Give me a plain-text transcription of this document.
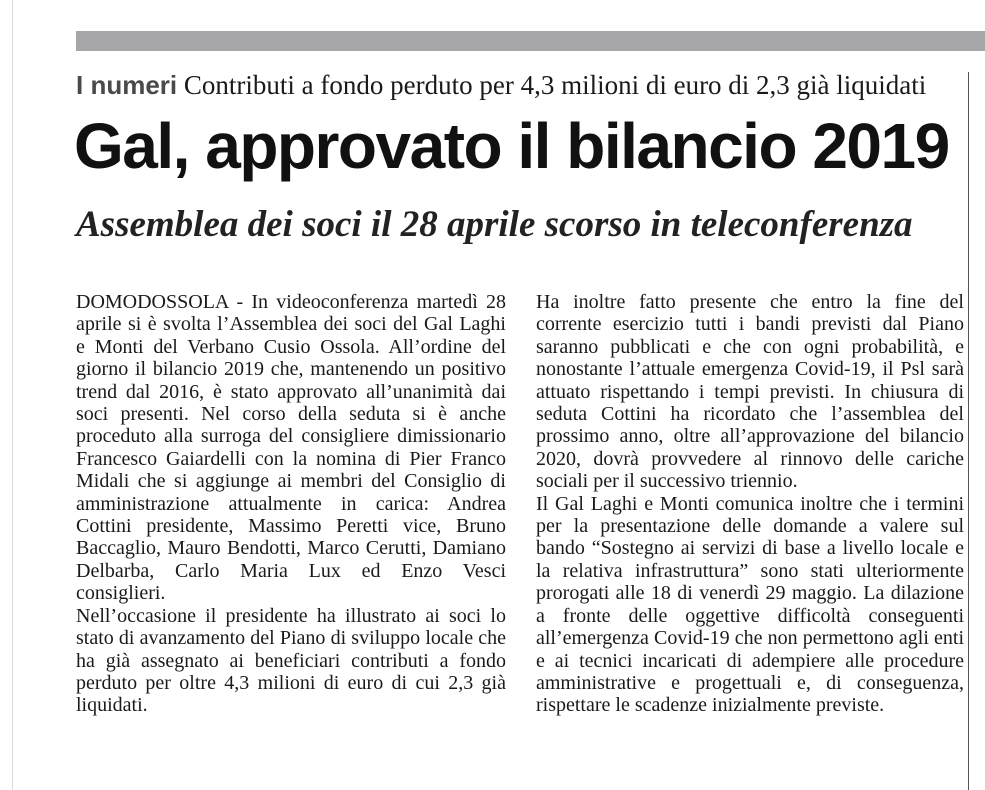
I numeri Contributi a fondo perduto per 4,3 milioni di euro di 2,3 già liquidati
Gal, approvato il bilancio 2019
Assemblea dei soci il 28 aprile scorso in teleconferenza

DOMODOSSOLA - In videoconferenza martedì 28 aprile si è svolta l’Assemblea dei soci del Gal Laghi e Monti del Verbano Cusio Ossola. All’ordine del giorno il bilancio 2019 che, mantenendo un positivo trend dal 2016, è stato approvato all’unanimità dai soci presenti. Nel corso della seduta si è anche proceduto alla surroga del consigliere dimissionario Francesco Gaiardelli con la nomina di Pier Franco Midali che si aggiunge ai membri del Consiglio di amministrazione attualmente in carica: Andrea Cottini presidente, Massimo Peretti vice, Bruno Baccaglio, Mauro Bendotti, Marco Cerutti, Damiano Delbarba, Carlo Maria Lux ed Enzo Vesci consiglieri.

Nell’occasione il presidente ha illustrato ai soci lo stato di avanzamento del Piano di sviluppo locale che ha già assegnato ai beneficiari contributi a fondo perduto per oltre 4,3 milioni di euro di cui 2,3 già liquidati.

Ha inoltre fatto presente che entro la fine del corrente esercizio tutti i bandi previsti dal Piano saranno pubblicati e che con ogni probabilità, e nonostante l’attuale emergenza Covid-19, il Psl sarà attuato rispettando i tempi previsti. In chiusura di seduta Cottini ha ricordato che l’assemblea del prossimo anno, oltre all’approvazione del bilancio 2020, dovrà provvedere al rinnovo delle cariche sociali per il successivo triennio.

Il Gal Laghi e Monti comunica inoltre che i termini per la presentazione delle domande a valere sul bando “Sostegno ai servizi di base a livello locale e la relativa infrastruttura” sono stati ulteriormente prorogati alle 18 di venerdì 29 maggio. La dilazione a fronte delle oggettive difficoltà conseguenti all’emergenza Covid-19 che non permettono agli enti e ai tecnici incaricati di adempiere alle procedure amministrative e progettuali e, di conseguenza, rispettare le scadenze inizialmente previste.
